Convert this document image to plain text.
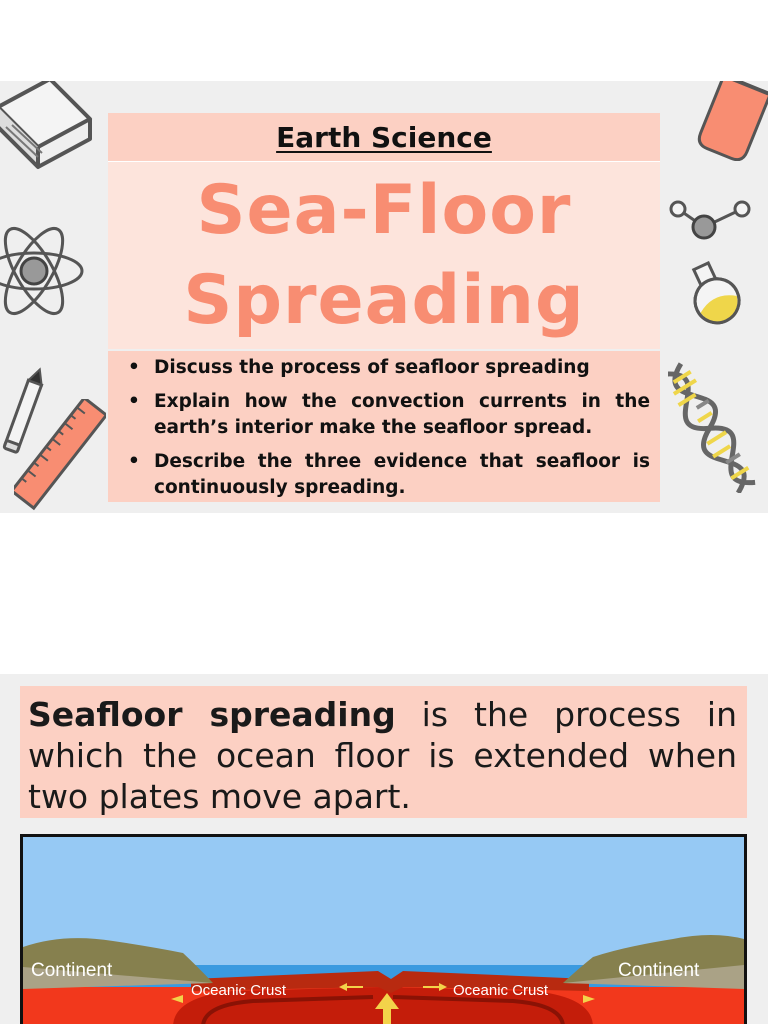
Earth Science
Sea-Floor
Spreading
• Discuss the process of seafloor spreading
• Explain how the convection currents in the earth’s interior make the seafloor spread.
• Describe the three evidence that seafloor is continuously spreading.

Seafloor spreading is the process in which the ocean floor is extended when two plates move apart.

Continent	Continent
Oceanic Crust	Oceanic Crust
